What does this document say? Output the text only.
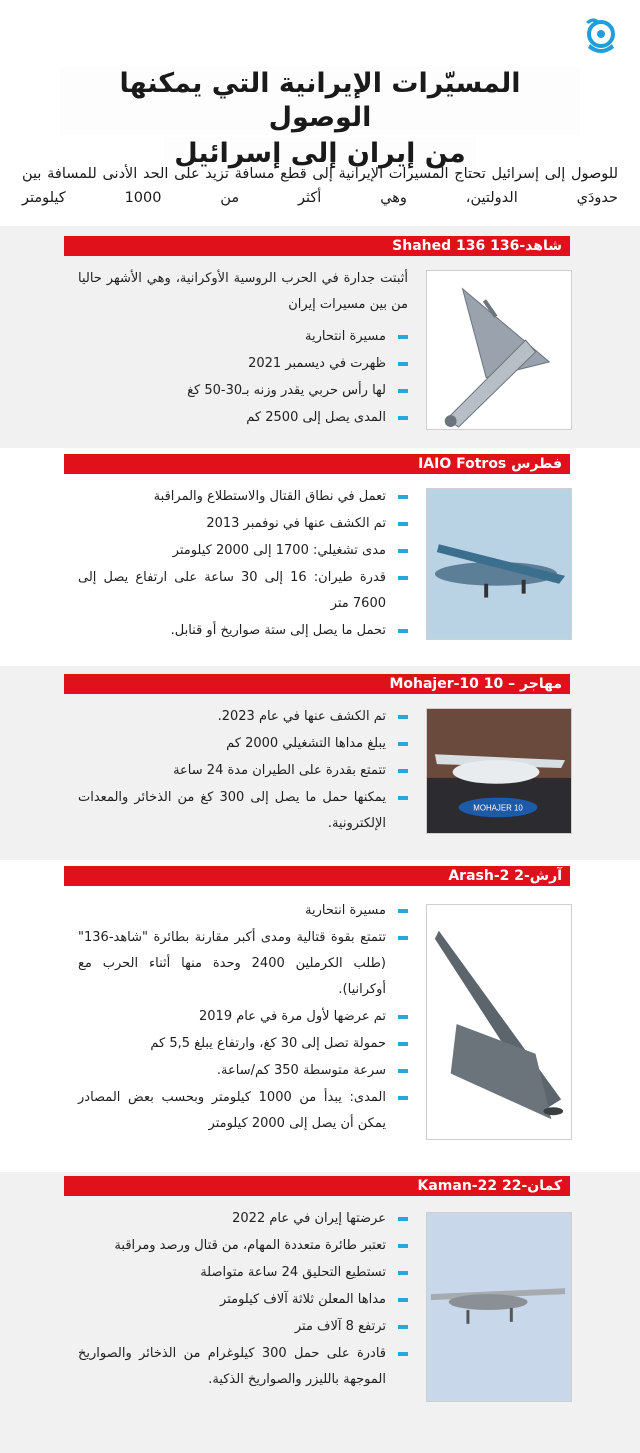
المسيّرات الإيرانية التي يمكنها الوصول
من إيران إلى إسرائيل
للوصول إلى إسرائيل تحتاج المسيرات الإيرانية إلى قطع مسافة تزيد على الحد الأدنى للمسافة بين حدودَي الدولتين، وهي أكثر من 1000 كيلومتر
شاهد-136 Shahed 136

أثبتت جدارة في الحرب الروسية الأوكرانية، وهي الأشهر حاليا من بين مسيرات إيران

مسيرة انتحارية
ظهرت في ديسمبر 2021
لها رأس حربي يقدر وزنه بـ30-50 كغ
المدى يصل إلى 2500 كم
فطرس IAIO Fotros
تعمل في نطاق القتال والاستطلاع والمراقبة
تم الكشف عنها في نوفمبر 2013
مدى تشغيلي: 1700 إلى 2000 كيلومتر
قدرة طيران: 16 إلى 30 ساعة على ارتفاع يصل إلى 7600 متر
تحمل ما يصل إلى ستة صواريخ أو قنابل.
مهاجر – 10 Mohajer-10
MOHAJER 10
تم الكشف عنها في عام 2023.
يبلغ مداها التشغيلي 2000 كم
تتمتع بقدرة على الطيران مدة 24 ساعة
يمكنها حمل ما يصل إلى 300 كغ من الذخائر والمعدات الإلكترونية.
آرش-2 Arash-2
مسيرة انتحارية
تتمتع بقوة قتالية ومدى أكبر مقارنة بطائرة "شاهد-136" (طلب الكرملين 2400 وحدة منها أثناء الحرب مع أوكرانيا).
تم عرضها لأول مرة في عام 2019
حمولة تصل إلى 30 كغ، وارتفاع يبلغ 5,5 كم
سرعة متوسطة 350 كم/ساعة.
المدى: يبدأ من 1000 كيلومتر وبحسب بعض المصادر يمكن أن يصل إلى 2000 كيلومتر
كمان-22 Kaman-22
عرضتها إيران في عام 2022
تعتبر طائرة متعددة المهام، من قتال ورصد ومراقبة
تستطيع التحليق 24 ساعة متواصلة
مداها المعلن ثلاثة آلاف كيلومتر
ترتفع 8 آلاف متر
قادرة على حمل 300 كيلوغرام من الذخائر والصواريخ الموجهة بالليزر والصواريخ الذكية.
